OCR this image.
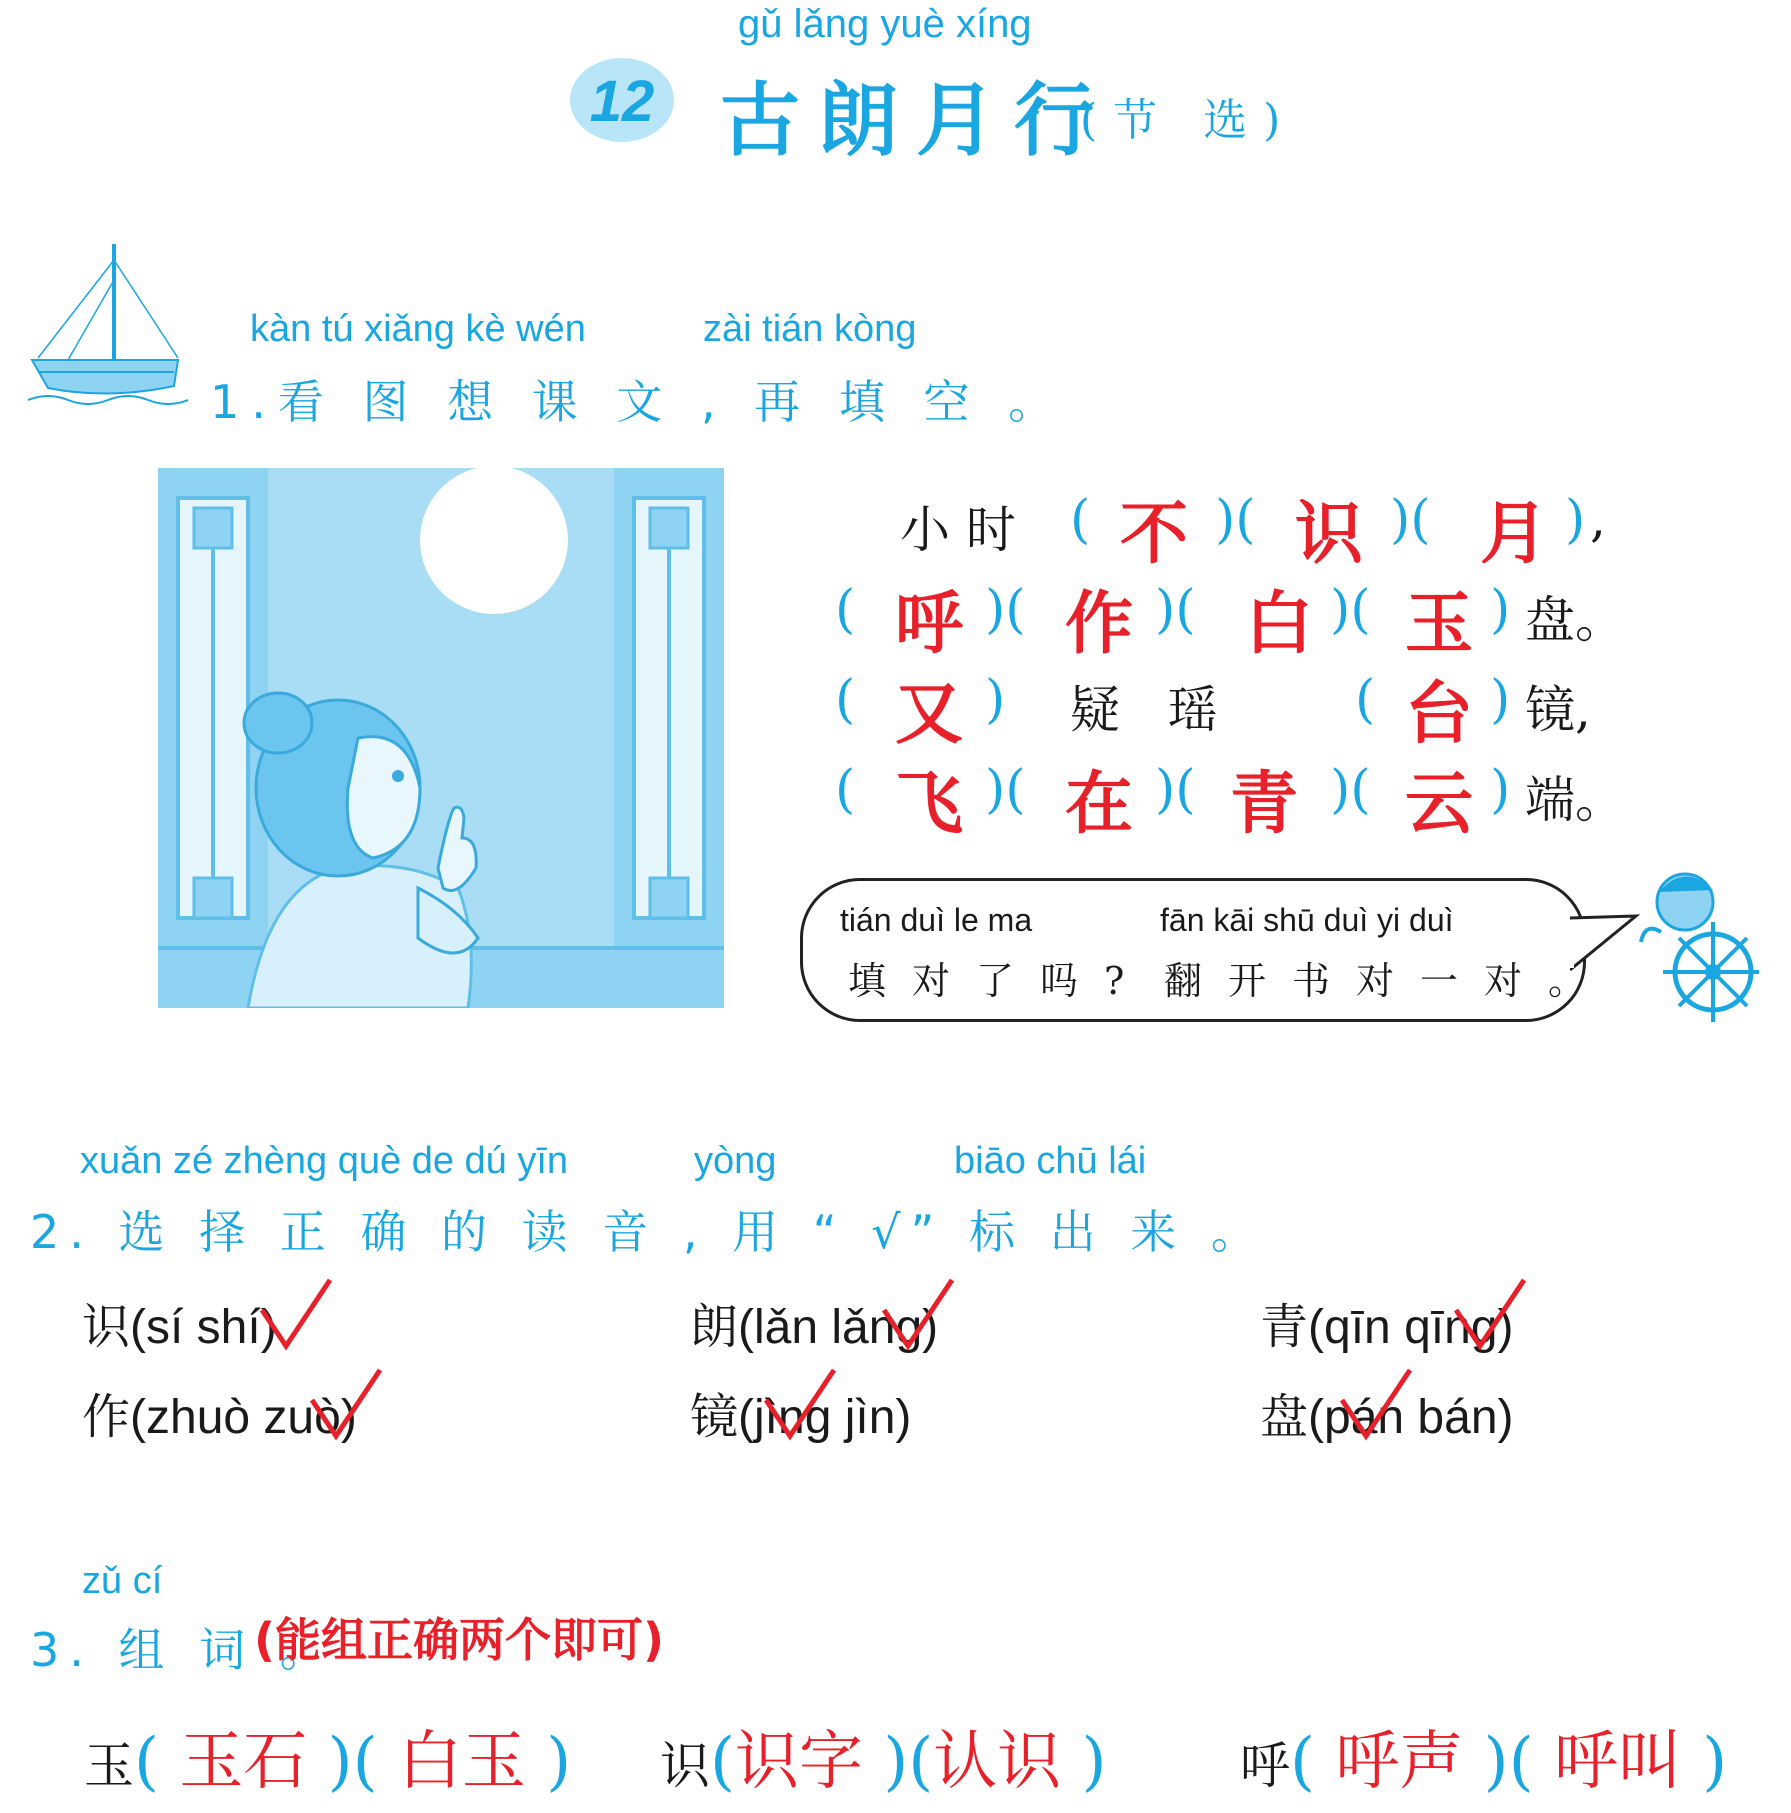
gǔ lǎng yuè xíng
12 古朗月行
(节 选)
kàn tú xiǎng kè wén	zài tián kòng
1.看 图 想 课 文 , 再 填 空 。
小 时 ( 不 )( 识 )( 月 ) ,
( 呼 )( 作 )( 白 )( 玉 ) 盘。
( 又 ) 疑   瑶	( 台 ) 镜,
( 飞 )( 在 )( 青 )( 云 ) 端。
tián duì le ma	fān kāi shū duì yi duì
填对了吗? 翻开书对一对。
xuǎn zé zhèng què de dú yīn	yòng	biāo chū lái
2. 选 择 正 确 的 读 音 , 用 “ √” 标 出 来 。
识(sí shí)	朗(lǎn lǎng)	青(qīn qīng)
作(zhuò zuò)	镜(jìng jìn)	盘(pán bán)
zǔ cí
3. 组 词 。
(能组正确两个即可)
玉( 玉石 )( 白玉 ) 识(识字 )(认识 )	呼( 呼声 )( 呼叫 )
